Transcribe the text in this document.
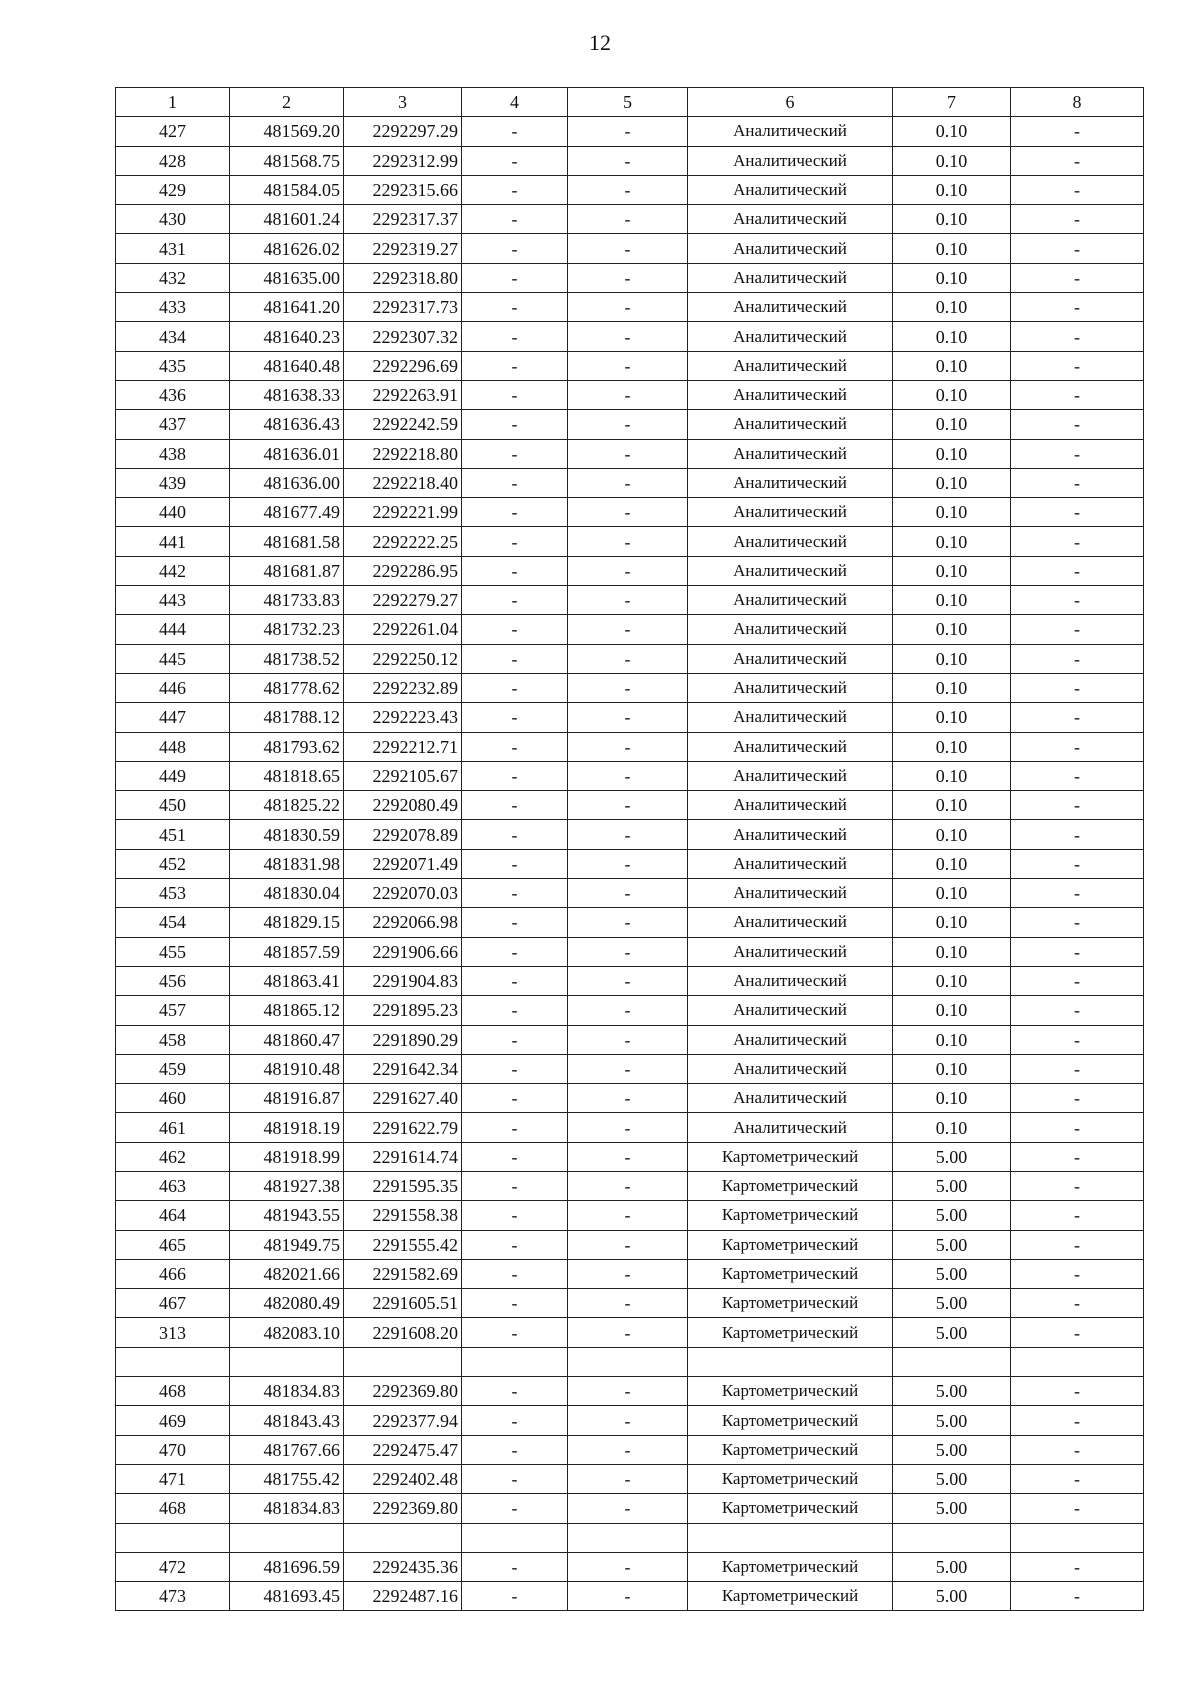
12
1	2	3	4	5	6	7	8
427	481569.20	2292297.29	-	-	Аналитический	0.10	-
428	481568.75	2292312.99	-	-	Аналитический	0.10	-
429	481584.05	2292315.66	-	-	Аналитический	0.10	-
430	481601.24	2292317.37	-	-	Аналитический	0.10	-
431	481626.02	2292319.27	-	-	Аналитический	0.10	-
432	481635.00	2292318.80	-	-	Аналитический	0.10	-
433	481641.20	2292317.73	-	-	Аналитический	0.10	-
434	481640.23	2292307.32	-	-	Аналитический	0.10	-
435	481640.48	2292296.69	-	-	Аналитический	0.10	-
436	481638.33	2292263.91	-	-	Аналитический	0.10	-
437	481636.43	2292242.59	-	-	Аналитический	0.10	-
438	481636.01	2292218.80	-	-	Аналитический	0.10	-
439	481636.00	2292218.40	-	-	Аналитический	0.10	-
440	481677.49	2292221.99	-	-	Аналитический	0.10	-
441	481681.58	2292222.25	-	-	Аналитический	0.10	-
442	481681.87	2292286.95	-	-	Аналитический	0.10	-
443	481733.83	2292279.27	-	-	Аналитический	0.10	-
444	481732.23	2292261.04	-	-	Аналитический	0.10	-
445	481738.52	2292250.12	-	-	Аналитический	0.10	-
446	481778.62	2292232.89	-	-	Аналитический	0.10	-
447	481788.12	2292223.43	-	-	Аналитический	0.10	-
448	481793.62	2292212.71	-	-	Аналитический	0.10	-
449	481818.65	2292105.67	-	-	Аналитический	0.10	-
450	481825.22	2292080.49	-	-	Аналитический	0.10	-
451	481830.59	2292078.89	-	-	Аналитический	0.10	-
452	481831.98	2292071.49	-	-	Аналитический	0.10	-
453	481830.04	2292070.03	-	-	Аналитический	0.10	-
454	481829.15	2292066.98	-	-	Аналитический	0.10	-
455	481857.59	2291906.66	-	-	Аналитический	0.10	-
456	481863.41	2291904.83	-	-	Аналитический	0.10	-
457	481865.12	2291895.23	-	-	Аналитический	0.10	-
458	481860.47	2291890.29	-	-	Аналитический	0.10	-
459	481910.48	2291642.34	-	-	Аналитический	0.10	-
460	481916.87	2291627.40	-	-	Аналитический	0.10	-
461	481918.19	2291622.79	-	-	Аналитический	0.10	-
462	481918.99	2291614.74	-	-	Картометрический	5.00	-
463	481927.38	2291595.35	-	-	Картометрический	5.00	-
464	481943.55	2291558.38	-	-	Картометрический	5.00	-
465	481949.75	2291555.42	-	-	Картометрический	5.00	-
466	482021.66	2291582.69	-	-	Картометрический	5.00	-
467	482080.49	2291605.51	-	-	Картометрический	5.00	-
313	482083.10	2291608.20	-	-	Картометрический	5.00	-

468	481834.83	2292369.80	-	-	Картометрический	5.00	-
469	481843.43	2292377.94	-	-	Картометрический	5.00	-
470	481767.66	2292475.47	-	-	Картометрический	5.00	-
471	481755.42	2292402.48	-	-	Картометрический	5.00	-
468	481834.83	2292369.80	-	-	Картометрический	5.00	-

472	481696.59	2292435.36	-	-	Картометрический	5.00	-
473	481693.45	2292487.16	-	-	Картометрический	5.00	-
